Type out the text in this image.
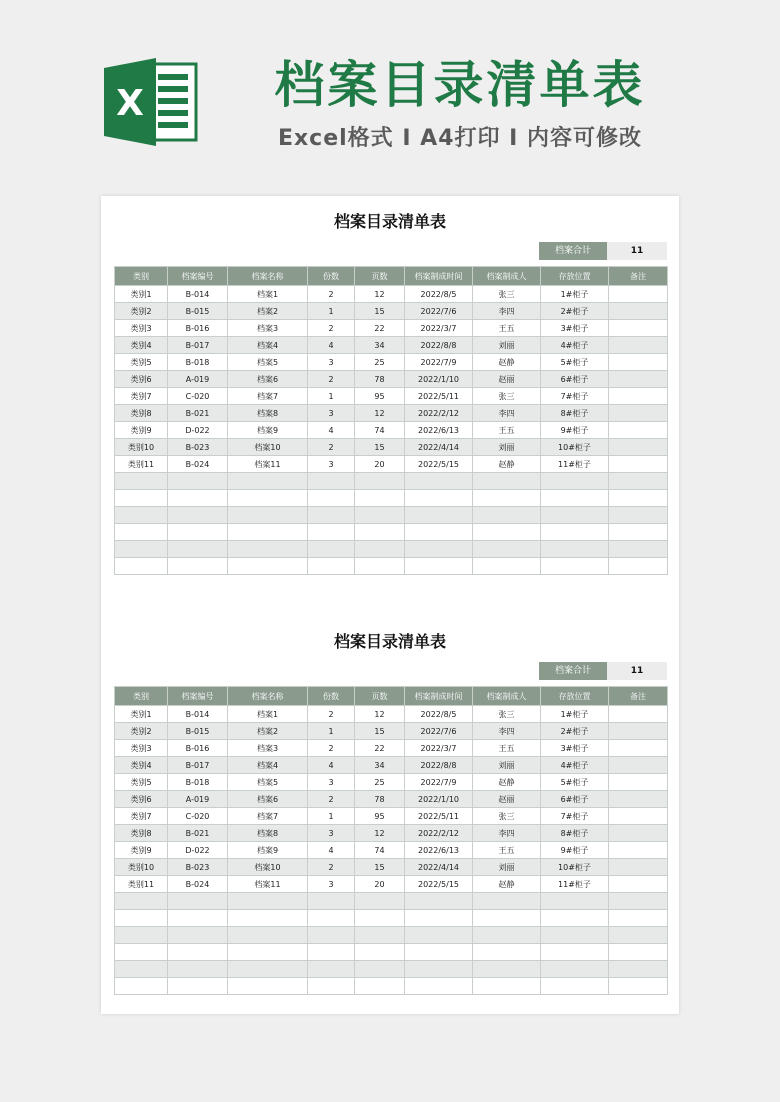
X	档案目录清单表
Excel格式 I A4打印 I 内容可修改
档案目录清单表
档案合计	11
类别	档案编号	档案名称	份数	页数	档案制成时间	档案制成人	存放位置	备注
类别1	B-014	档案1	2	12	2022/8/5	张三	1#柜子	
类别2	B-015	档案2	1	15	2022/7/6	李四	2#柜子	
类别3	B-016	档案3	2	22	2022/3/7	王五	3#柜子	
类别4	B-017	档案4	4	34	2022/8/8	刘丽	4#柜子	
类别5	B-018	档案5	3	25	2022/7/9	赵静	5#柜子	
类别6	A-019	档案6	2	78	2022/1/10	赵丽	6#柜子	
类别7	C-020	档案7	1	95	2022/5/11	张三	7#柜子	
类别8	B-021	档案8	3	12	2022/2/12	李四	8#柜子	
类别9	D-022	档案9	4	74	2022/6/13	王五	9#柜子	
类别10	B-023	档案10	2	15	2022/4/14	刘丽	10#柜子	
类别11	B-024	档案11	3	20	2022/5/15	赵静	11#柜子	

档案目录清单表
档案合计	11
类别	档案编号	档案名称	份数	页数	档案制成时间	档案制成人	存放位置	备注
类别1	B-014	档案1	2	12	2022/8/5	张三	1#柜子	
类别2	B-015	档案2	1	15	2022/7/6	李四	2#柜子	
类别3	B-016	档案3	2	22	2022/3/7	王五	3#柜子	
类别4	B-017	档案4	4	34	2022/8/8	刘丽	4#柜子	
类别5	B-018	档案5	3	25	2022/7/9	赵静	5#柜子	
类别6	A-019	档案6	2	78	2022/1/10	赵丽	6#柜子	
类别7	C-020	档案7	1	95	2022/5/11	张三	7#柜子	
类别8	B-021	档案8	3	12	2022/2/12	李四	8#柜子	
类别9	D-022	档案9	4	74	2022/6/13	王五	9#柜子	
类别10	B-023	档案10	2	15	2022/4/14	刘丽	10#柜子	
类别11	B-024	档案11	3	20	2022/5/15	赵静	11#柜子	
